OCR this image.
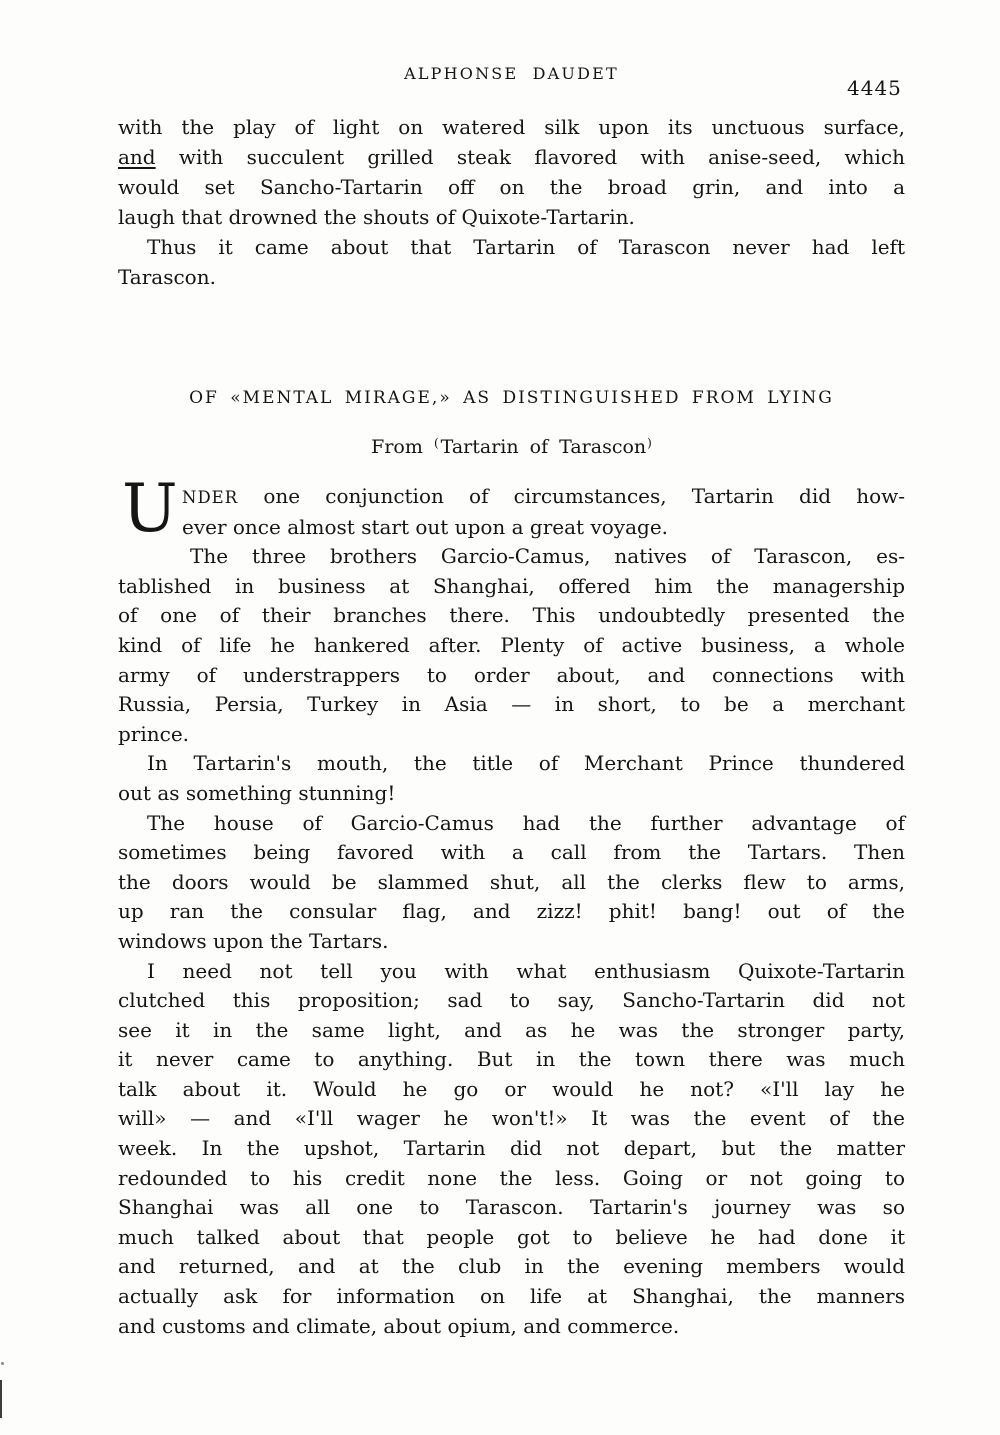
ALPHONSE DAUDET
4445
with the play of light on watered silk upon its unctuous surface,
and with succulent grilled steak flavored with anise-seed, which
would set Sancho-Tartarin off on the broad grin, and into a
laugh that drowned the shouts of Quixote-Tartarin.
Thus it came about that Tartarin of Tarascon never had left
Tarascon.
OF «MENTAL MIRAGE,» AS DISTINGUISHED FROM LYING
From ( Tartarin of Tarascon)
U NDER one conjunction of circumstances, Tartarin did how-
ever once almost start out upon a great voyage.
The three brothers Garcio-Camus, natives of Tarascon, es-
tablished in business at Shanghai, offered him the managership
of one of their branches there. This undoubtedly presented the
kind of life he hankered after. Plenty of active business, a whole
army of understrappers to order about, and connections with
Russia, Persia, Turkey in Asia — in short, to be a merchant
prince.
In Tartarin's mouth, the title of Merchant Prince thundered
out as something stunning!
The house of Garcio-Camus had the further advantage of
sometimes being favored with a call from the Tartars. Then
the doors would be slammed shut, all the clerks flew to arms,
up ran the consular flag, and zizz! phit! bang! out of the
windows upon the Tartars.
I need not tell you with what enthusiasm Quixote-Tartarin
clutched this proposition; sad to say, Sancho-Tartarin did not
see it in the same light, and as he was the stronger party,
it never came to anything. But in the town there was much
talk about it. Would he go or would he not? «I'll lay he
will» — and «I'll wager he won't!» It was the event of the
week. In the upshot, Tartarin did not depart, but the matter
redounded to his credit none the less. Going or not going to
Shanghai was all one to Tarascon. Tartarin's journey was so
much talked about that people got to believe he had done it
and returned, and at the club in the evening members would
actually ask for information on life at Shanghai, the manners
and customs and climate, about opium, and commerce.
